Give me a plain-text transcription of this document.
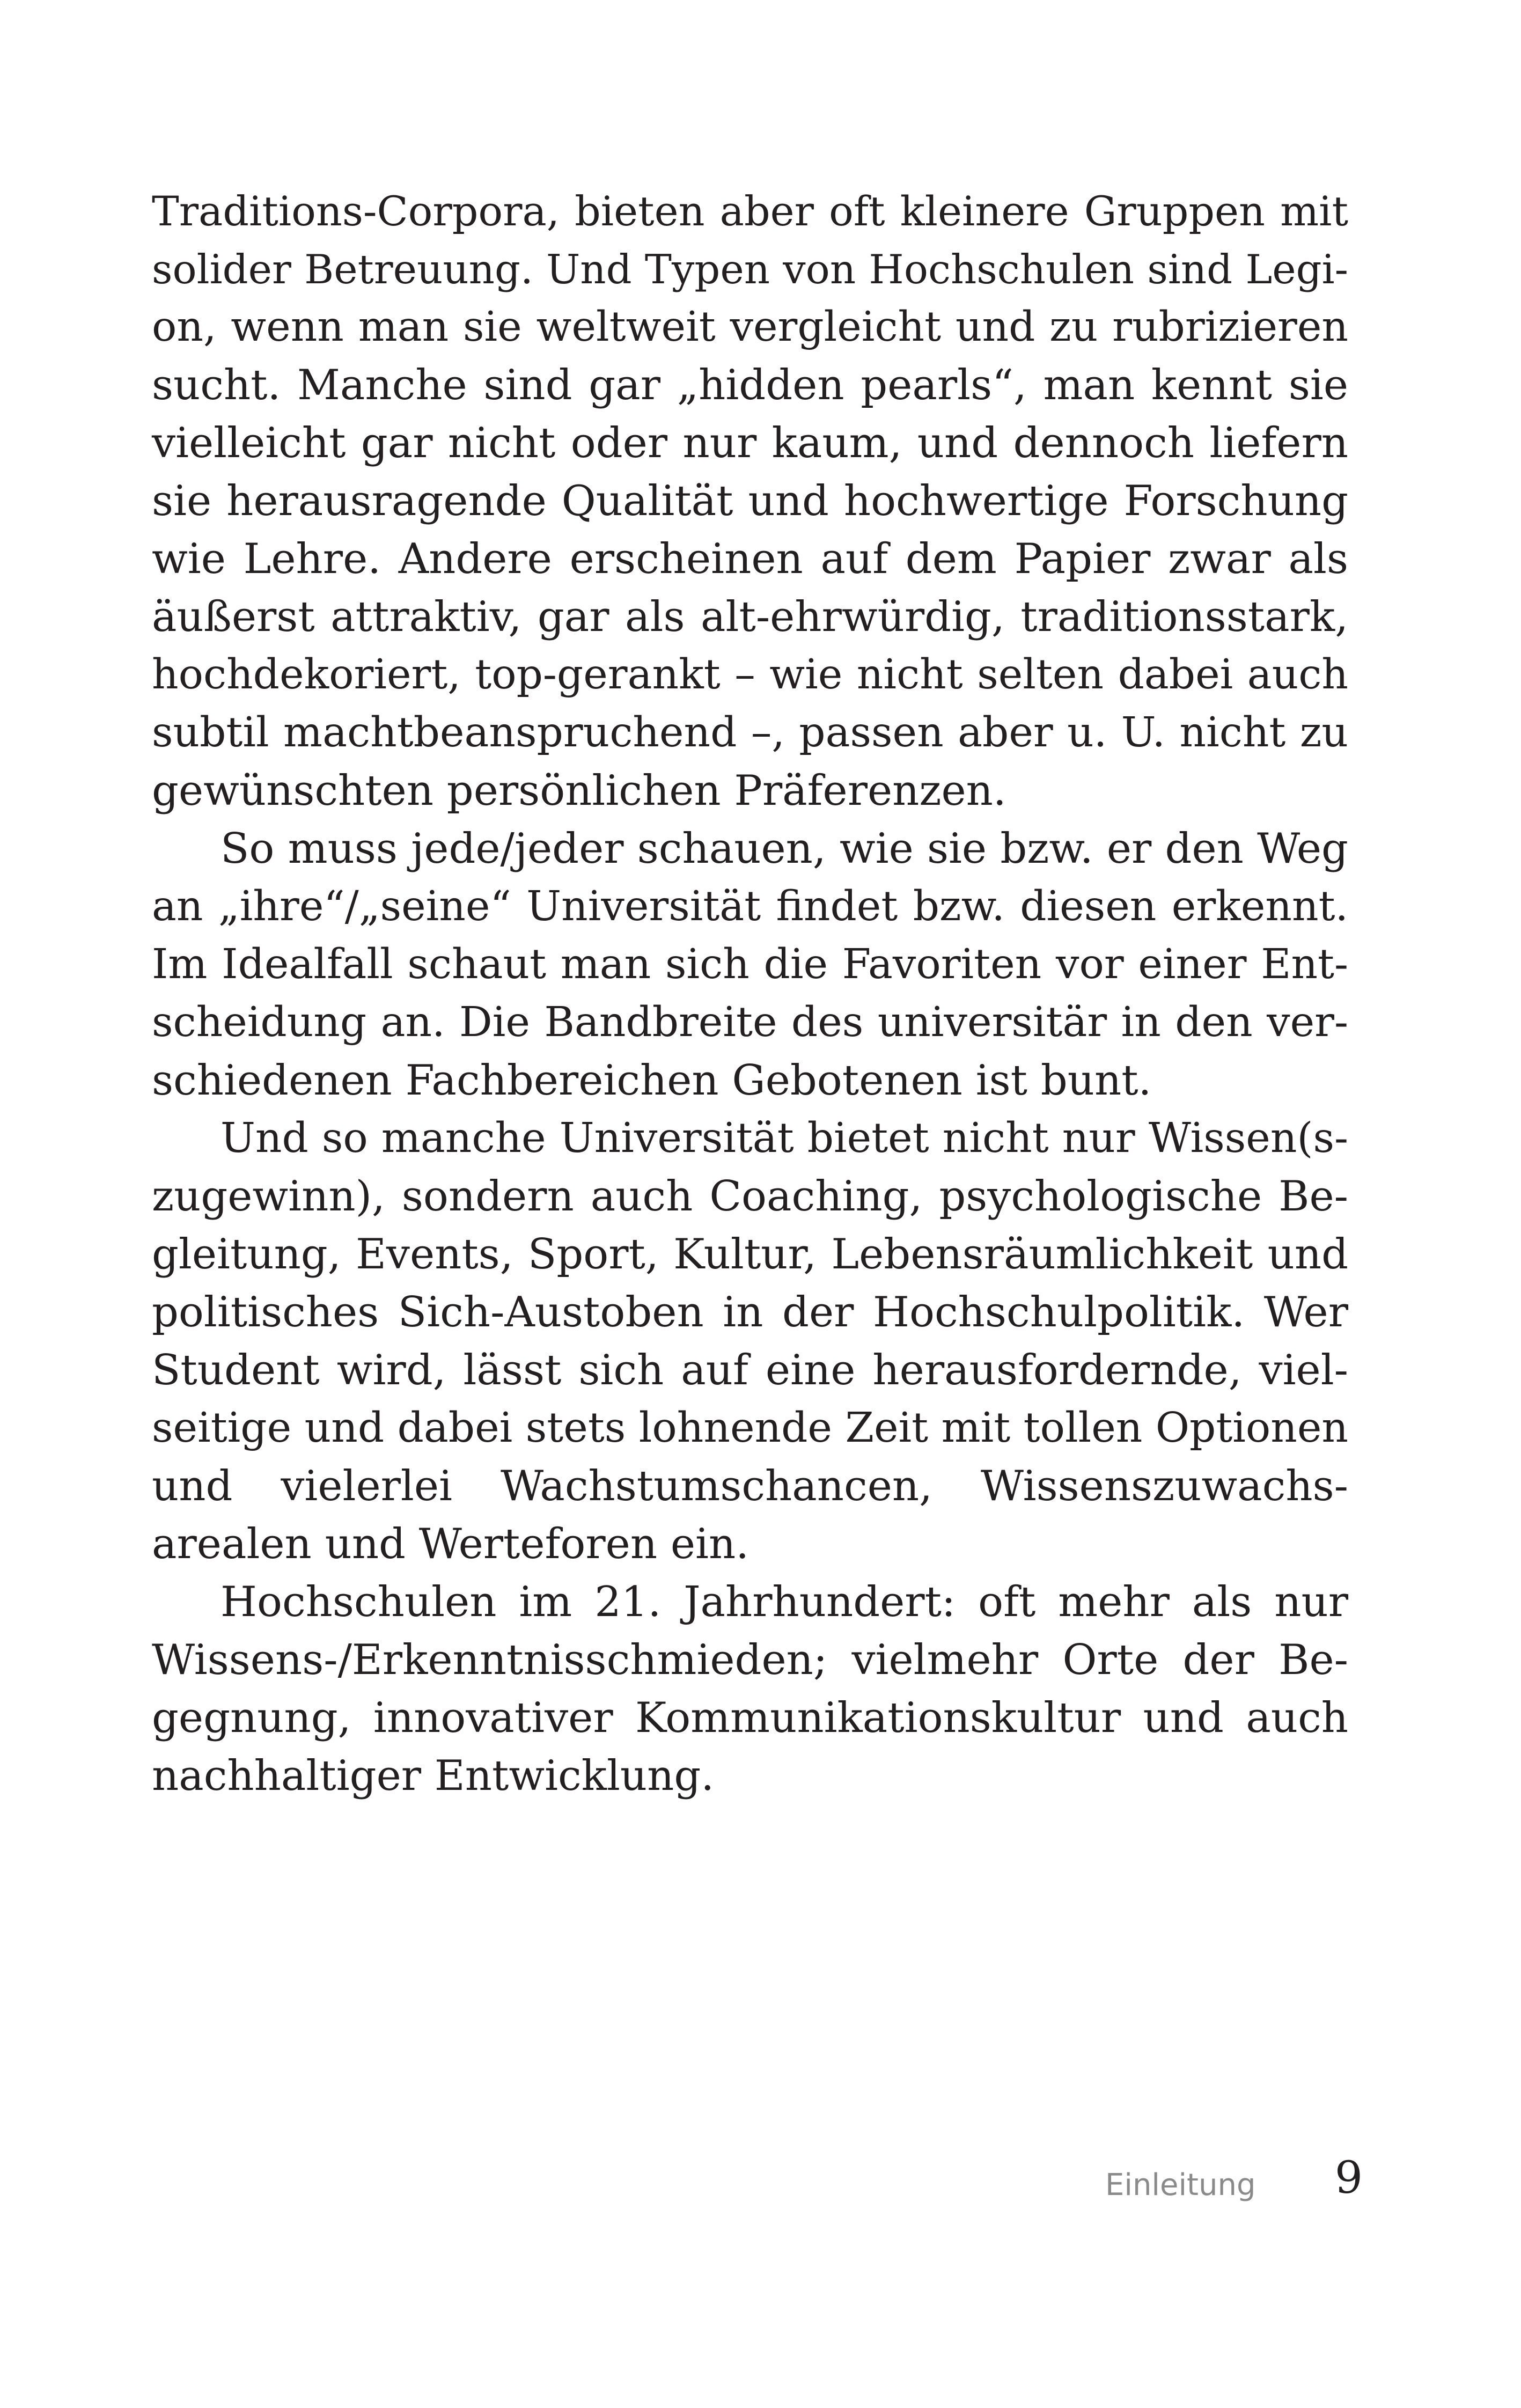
Traditions-Corpora, bieten aber oft kleinere Gruppen mit
solider Betreuung. Und Typen von Hochschulen sind Legi-
on, wenn man sie weltweit vergleicht und zu rubrizieren
sucht. Manche sind gar „hidden pearls“, man kennt sie
vielleicht gar nicht oder nur kaum, und dennoch liefern
sie herausragende Qualität und hochwertige Forschung
wie Lehre. Andere erscheinen auf dem Papier zwar als
äußerst attraktiv, gar als alt-ehrwürdig, traditionsstark,
hochdekoriert, top-gerankt – wie nicht selten dabei auch
subtil machtbeanspruchend –, passen aber u. U. nicht zu
gewünschten persönlichen Präferenzen.
So muss jede/jeder schauen, wie sie bzw. er den Weg
an „ihre“/„seine“ Universität findet bzw. diesen erkennt.
Im Idealfall schaut man sich die Favoriten vor einer Ent-
scheidung an. Die Bandbreite des universitär in den ver-
schiedenen Fachbereichen Gebotenen ist bunt.
Und so manche Universität bietet nicht nur Wissen(s-
zugewinn), sondern auch Coaching, psychologische Be-
gleitung, Events, Sport, Kultur, Lebensräumlichkeit und
politisches Sich-Austoben in der Hochschulpolitik. Wer
Student wird, lässt sich auf eine herausfordernde, viel-
seitige und dabei stets lohnende Zeit mit tollen Optionen
und vielerlei Wachstumschancen, Wissenszuwachs-
arealen und Werteforen ein.
Hochschulen im 21. Jahrhundert: oft mehr als nur
Wissens-/Erkenntnisschmieden; vielmehr Orte der Be-
gegnung, innovativer Kommunikationskultur und auch
nachhaltiger Entwicklung.
Einleitung	9
